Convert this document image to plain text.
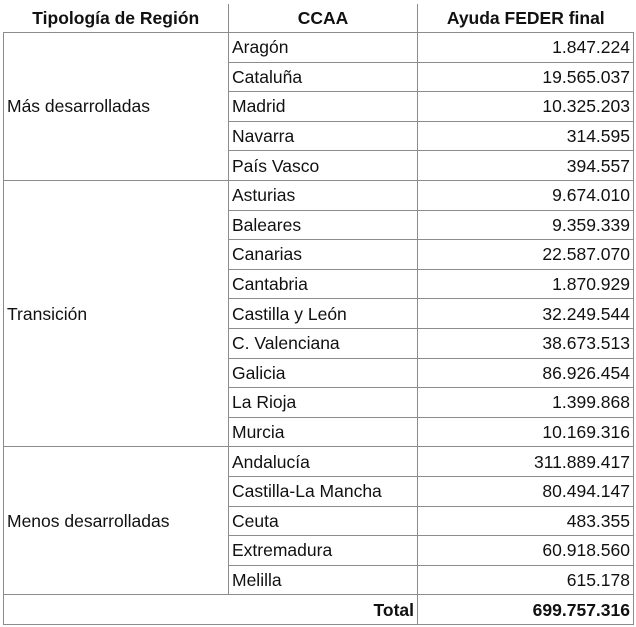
Tipología de Región	CCAA	Ayuda FEDER final
Más desarrolladas	Aragón	1.847.224
	Cataluña	19.565.037
	Madrid	10.325.203
	Navarra	314.595
	País Vasco	394.557
Transición	Asturias	9.674.010
	Baleares	9.359.339
	Canarias	22.587.070
	Cantabria	1.870.929
	Castilla y León	32.249.544
	C. Valenciana	38.673.513
	Galicia	86.926.454
	La Rioja	1.399.868
	Murcia	10.169.316
Menos desarrolladas	Andalucía	311.889.417
	Castilla-La Mancha	80.494.147
	Ceuta	483.355
	Extremadura	60.918.560
	Melilla	615.178
Total		699.757.316
